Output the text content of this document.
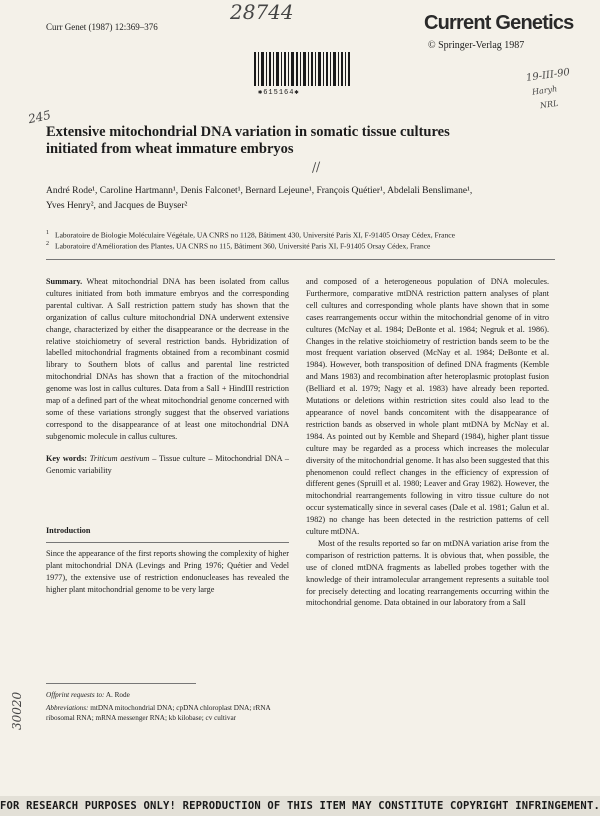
28744
19-III-90
Haryh
NRL
245
//
30020
Curr Genet (1987) 12:369–376	Current Genetics
© Springer-Verlag 1987
✱615164✱
Extensive mitochondrial DNA variation in somatic tissue cultures
initiated from wheat immature embryos
André Rode¹, Caroline Hartmann¹, Denis Falconet¹, Bernard Lejeune¹, François Quétier¹, Abdelali Benslimane¹,
Yves Henry², and Jacques de Buyser²
$^1$ Laboratoire de Biologie Moléculaire Végétale, UA CNRS no 1128, Bâtiment 430, Université Paris XI, F-91405 Orsay Cédex, France
$^2$ Laboratoire d'Amélioration des Plantes, UA CNRS no 115, Bâtiment 360, Université Paris XI, F-91405 Orsay Cédex, France

Summary. Wheat mitochondrial DNA has been isolated from callus cultures initiated from both immature embryos and the corresponding parental cultivar. A SalI restriction pattern study has shown that the organization of callus culture mitochondrial DNA underwent extensive change, characterized by either the disappearance or the decrease in the relative stoichiometry of several restriction bands. Hybridization of labelled mitochondrial fragments obtained from a recombinant cosmid library to Southern blots of callus and parental line restricted mitochondrial DNAs has shown that a fraction of the mitochondrial genome was lost in callus cultures. Data from a SalI + HindIII restriction map of a defined part of the wheat mitochondrial genome concerned with some of these variations strongly suggest that the observed variations correspond to the disappearance of at least one mitochondrial DNA subgenomic molecule in callus cultures.

Key words: Triticum aestivum – Tissue culture – Mitochondrial DNA – Genomic variability

Introduction

Since the appearance of the first reports showing the complexity of higher plant mitochondrial DNA (Levings and Pring 1976; Quétier and Vedel 1977), the extensive use of restriction endonucleases has revealed the higher plant mitochondrial genome to be very large

Offprint requests to: A. Rode

Abbreviations: mtDNA mitochondrial DNA; cpDNA chloroplast DNA; rRNA ribosomal RNA; mRNA messenger RNA; kb kilobase; cv cultivar

and composed of a heterogeneous population of DNA molecules. Furthermore, comparative mtDNA restriction pattern analyses of plant cell cultures and corresponding whole plants have shown that in some cases rearrangements occur within the mitochondrial genome of in vitro cultures (McNay et al. 1984; DeBonte et al. 1984; Negruk et al. 1986). Changes in the relative stoichiometry of restriction bands seem to be the most frequent variation observed (McNay et al. 1984; DeBonte et al. 1984). However, both transposition of defined DNA fragments (Kemble and Mans 1983) and recombination after heteroplasmic protoplast fusion (Belliard et al. 1979; Nagy et al. 1983) have already been reported. Mutations or deletions within restriction sites could also lead to the appearance of novel bands concomitent with the disappearance of restriction bands as observed in whole plant mtDNA by McNay et al. 1984. As pointed out by Kemble and Shepard (1984), higher plant tissue culture may be regarded as a process which increases the molecular diversity of the mitochondrial genome. It has also been suggested that this phenomenon could reflect changes in the efficiency of expression of different genes (Spruill et al. 1980; Leaver and Gray 1982). However, the mitochondrial rearrangements following in vitro tissue culture do not occur systematically since in several cases (Dale et al. 1981; Galun et al. 1982) no change has been detected in the restriction patterns of cell culture mtDNA.

Most of the results reported so far on mtDNA variation arise from the comparison of restriction patterns. It is obvious that, when possible, the use of cloned mtDNA fragments as labelled probes together with the knowledge of their intramolecular arrangement represents a suitable tool for precisely detecting and locating rearrangements occurring within the mitochondrial genome. Data obtained in our laboratory from a SalI

FOR RESEARCH PURPOSES ONLY! REPRODUCTION OF THIS ITEM MAY CONSTITUTE COPYRIGHT INFRINGEMENT.
